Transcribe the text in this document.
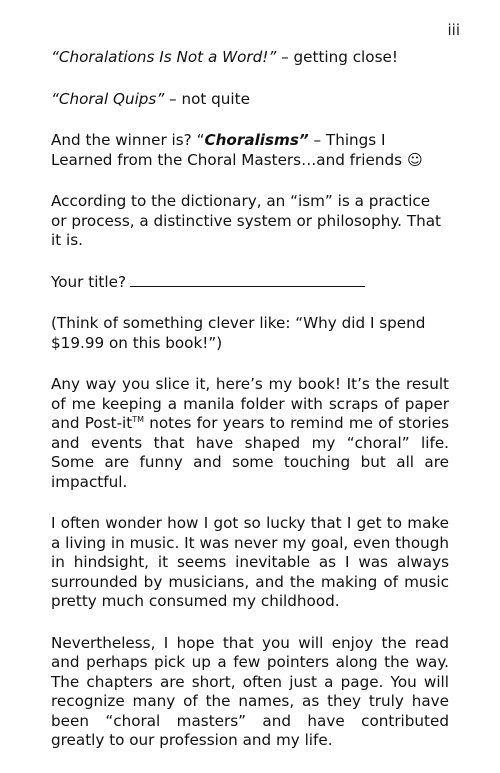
iii

“Choralations Is Not a Word!” – getting close!

“Choral Quips” – not quite

And the winner is? “Choralisms” – Things I Learned from the Choral Masters…and friends ☺

According to the dictionary, an “ism” is a practice or process, a distinctive system or philosophy. That it is.

Your title?

(Think of something clever like: “Why did I spend $19.99 on this book!”)

Any way you slice it, here’s my book! It’s the result of me keeping a manila folder with scraps of paper and Post-it™ notes for years to remind me of stories and events that have shaped my “choral” life. Some are funny and some touching but all are impactful.

I often wonder how I got so lucky that I get to make a living in music. It was never my goal, even though in hindsight, it seems inevitable as I was always surrounded by musicians, and the making of music pretty much consumed my childhood.

Nevertheless, I hope that you will enjoy the read and perhaps pick up a few pointers along the way. The chapters are short, often just a page. You will recognize many of the names, as they truly have been “choral masters” and have contributed greatly to our profession and my life.
